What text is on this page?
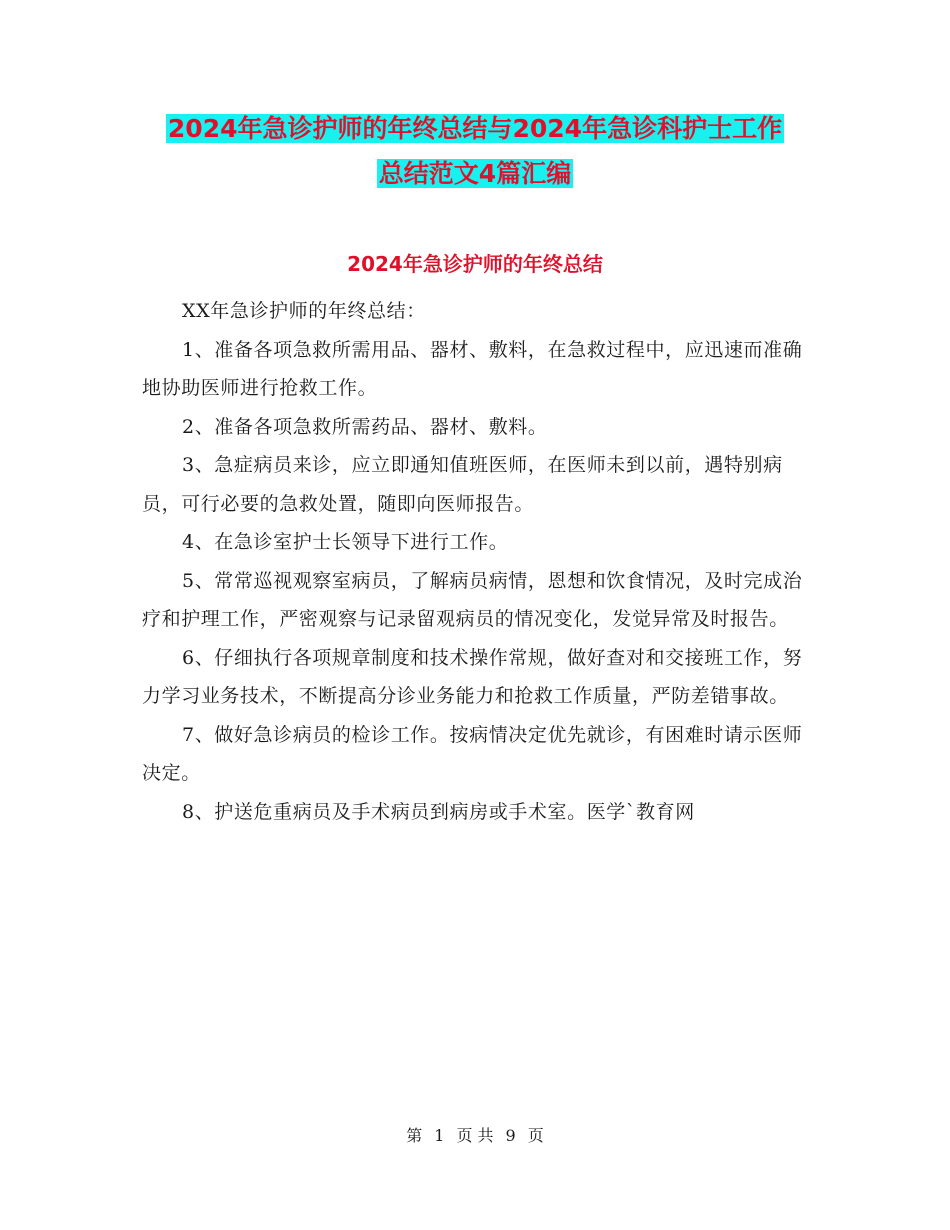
2024年急诊护师的年终总结与2024年急诊科护士工作
总结范文4篇汇编
2024年急诊护师的年终总结

XX年急诊护师的年终总结：

1、准备各项急救所需用品、器材、敷料，在急救过程中，应迅速而准确地协助医师进行抢救工作。

2、准备各项急救所需药品、器材、敷料。

3、急症病员来诊，应立即通知值班医师，在医师未到以前，遇特别病员，可行必要的急救处置，随即向医师报告。

4、在急诊室护士长领导下进行工作。

5、常常巡视观察室病员，了解病员病情，恩想和饮食情况，及时完成治疗和护理工作，严密观察与记录留观病员的情况变化，发觉异常及时报告。

6、仔细执行各项规章制度和技术操作常规，做好查对和交接班工作，努力学习业务技术，不断提高分诊业务能力和抢救工作质量，严防差错事故。

7、做好急诊病员的检诊工作。按病情决定优先就诊，有困难时请示医师决定。

8、护送危重病员及手术病员到病房或手术室。医学`教育网

第 1 页 共 9 页
